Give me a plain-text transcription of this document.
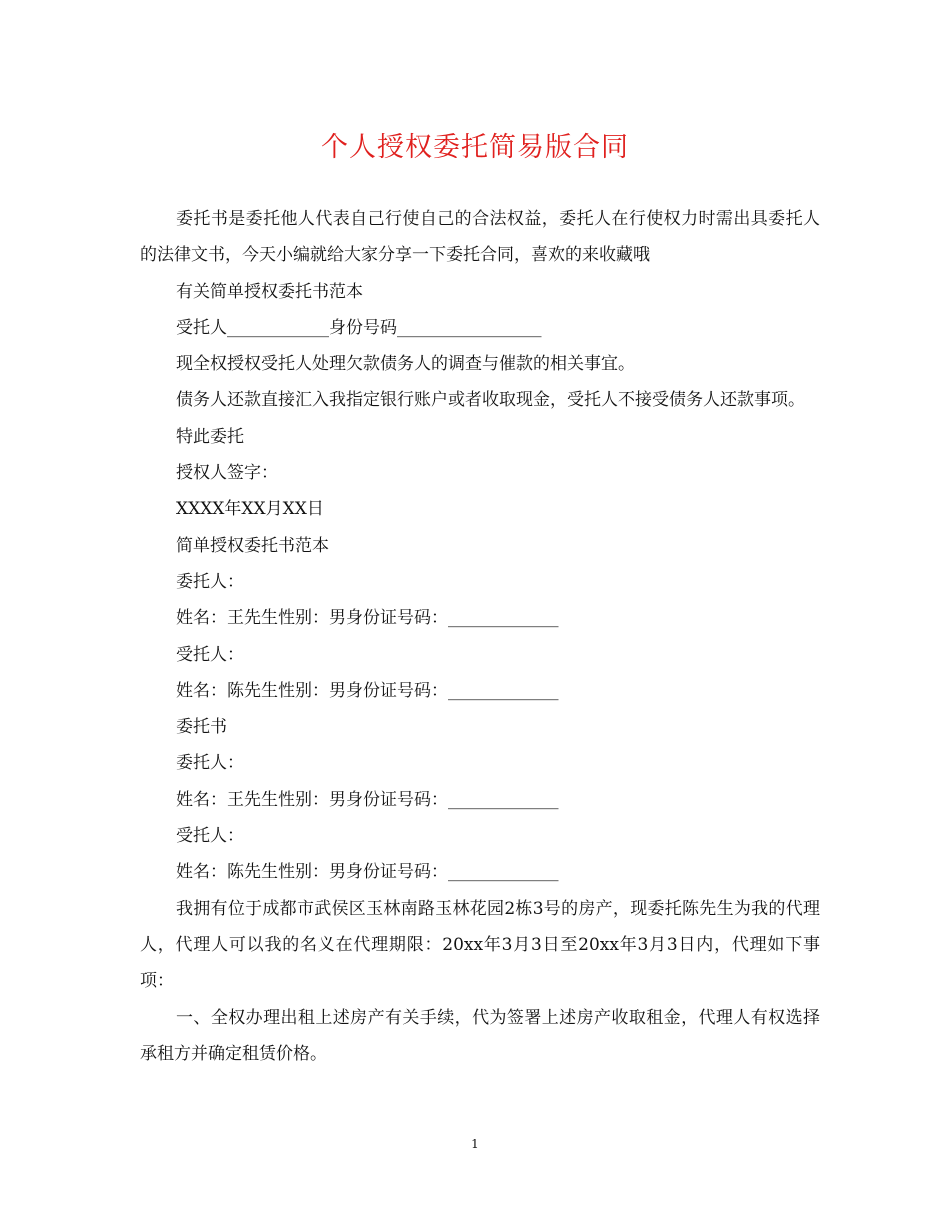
个人授权委托简易版合同

委托书是委托他人代表自己行使自己的合法权益，委托人在行使权力时需出具委托人的法律文书，今天小编就给大家分享一下委托合同，喜欢的来收藏哦

有关简单授权委托书范本

受托人____________身份号码_________________

现全权授权受托人处理欠款债务人的调查与催款的相关事宜。

债务人还款直接汇入我指定银行账户或者收取现金，受托人不接受债务人还款事项。

特此委托

授权人签字：

XXXX年XX月XX日

简单授权委托书范本

委托人：

姓名：王先生性别：男身份证号码：_____________

受托人：

姓名：陈先生性别：男身份证号码：_____________

委托书

委托人：

姓名：王先生性别：男身份证号码：_____________

受托人：

姓名：陈先生性别：男身份证号码：_____________

我拥有位于成都市武侯区玉林南路玉林花园2栋3号的房产，现委托陈先生为我的代理人，代理人可以我的名义在代理期限：20xx年3月3日至20xx年3月3日内，代理如下事项：

一、全权办理出租上述房产有关手续，代为签署上述房产收取租金，代理人有权选择承租方并确定租赁价格。

1
